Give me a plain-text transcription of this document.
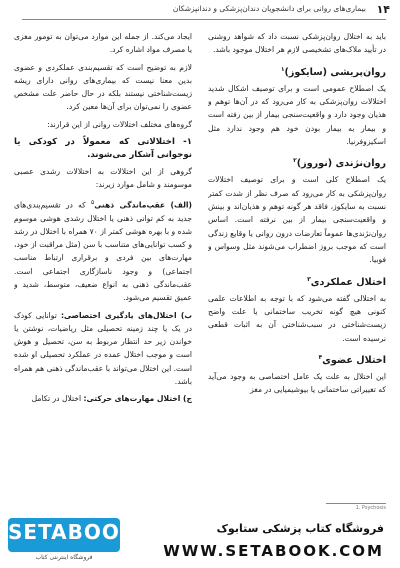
۱۴
بیماری‌های روانی برای دانشجویان دندان‌پزشکی و دندانپزشکان

باید به اختلال روان‌پزشکی نسبت داد که شواهد روشنی در تأیید ملاک‌های تشخیصی لازم هر اختلال موجود باشد.

روان‌پریشی (سایکوز)$^۱$

یک اصطلاح عمومی است و برای توصیف اشکال شدید اختلالات روان‌پزشکی به کار می‌رود که در آن‌ها توهم و هذیان وجود دارد و واقعیت‌سنجی بیمار از بین رفته است و بیمار به بیمار بودن خود هم وجود ندارد مثل اسکیزوفرنیا.

روان‌نژندی (نوروز)$^۲$

یک اصطلاح کلی است و برای توصیف اختلالات روان‌پزشکی به کار می‌رود که صرف نظر از شدت کمتر نسبت به سایکوز، فاقد هر گونه توهم و هذیان‌اند و بینش و واقعیت‌سنجی بیمار از بین نرفته است. اساس روان‌نژندی‌ها عموماً تعارضات درون روانی یا وقایع زندگی است که موجب بروز اضطراب می‌شوند مثل وسواس و فوبیا.

اختلال عملکردی$^۳$

به اختلالی گفته می‌شود که با توجه به اطلاعات علمی کنونی هیچ گونه تخریب ساختمانی یا علت واضح زیست‌شناختی در سبب‌شناختی آن به اثبات قطعی نرسیده است.

اختلال عضوی$^۴$

این اختلال به علت یک عامل اختصاصی به وجود می‌آید که تغییراتی ساختمانی یا بیوشیمیایی در مغز

ایجاد می‌کند. از جمله این موارد می‌توان به تومور مغزی یا مصرف مواد اشاره کرد.

لازم به توضیح است که تقسیم‌بندی عملکردی و عضوی بدین معنا نیست که بیماری‌های روانی دارای ریشه زیست‌شناختی نیستند بلکه در حال حاضر علت مشخص عضوی را نمی‌توان برای آن‌ها معین کرد.

گروه‌های مختلف اختلالات روانی از این قرارند:

۱- اختلالاتی که معمولاً در کودکی یا نوجوانی آشکار می‌شوند.

گروهی از این اختلالات به اختلالات رشدی عصبی موسومند و شامل موارد زیرند:

(الف) عقب‌ماندگی ذهنی$^۵$ که در تقسیم‌بندی‌های جدید به کم توانی ذهنی یا اختلال رشدی هوشی موسوم شده و با بهره هوشی کمتر از ۷۰ همراه با اختلال در رشد و کسب توانایی‌های متناسب با سن (مثل مراقبت از خود، مهارت‌های بین فردی و برقراری ارتباط مناسب اجتماعی) و وجود ناسازگاری اجتماعی است. عقب‌ماندگی ذهنی به انواع ضعیف، متوسط، شدید و عمیق تقسیم می‌شود.

ب) اختلال‌های یادگیری اختصاصی: توانایی کودک در یک یا چند زمینه تحصیلی مثل ریاضیات، نوشتن یا خواندن زیر حد انتظار مربوط به سن، تحصیل و هوش است و موجب اختلال عمده در عملکرد تحصیلی او شده است. این اختلال می‌تواند با عقب‌ماندگی ذهنی هم همراه باشد.

ج) اختلال مهارت‌های حرکتی: اختلال در تکامل

1. Psychosis
SETABOOK
فروشگاه اینترنتی کتاب
فروشگاه کتاب پزشکی ستابوک
WWW.SETABOOK.COM
